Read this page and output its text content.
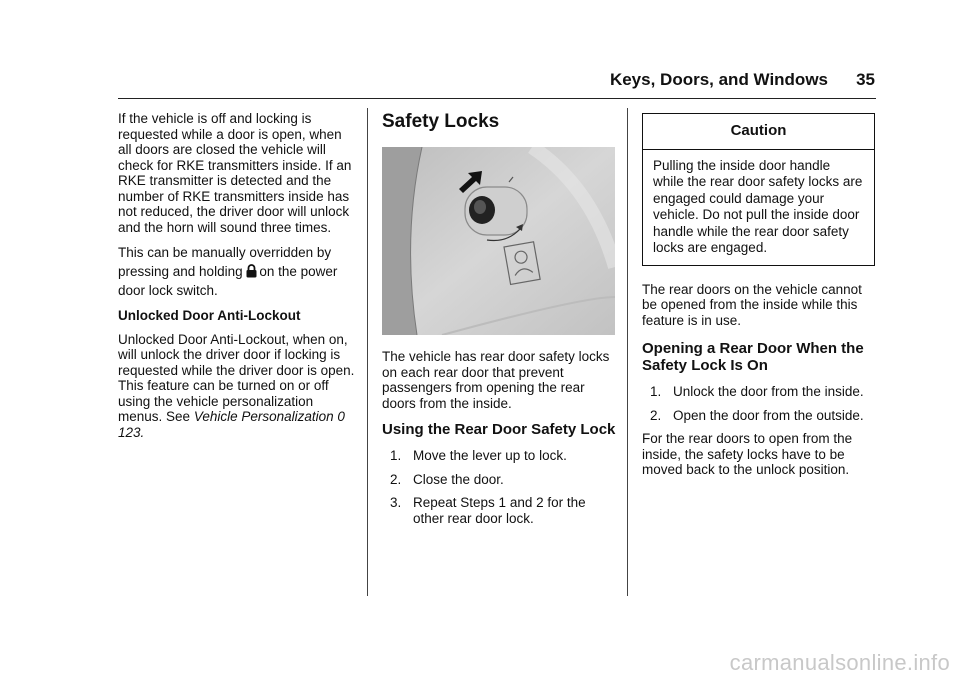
Keys, Doors, and Windows	35

If the vehicle is off and locking is requested while a door is open, when all doors are closed the vehicle will check for RKE transmitters inside. If an RKE transmitter is detected and the number of RKE transmitters inside has not reduced, the driver door will unlock and the horn will sound three times.

This can be manually overridden by pressing and holding on the power door lock switch.

Unlocked Door Anti-Lockout

Unlocked Door Anti-Lockout, when on, will unlock the driver door if locking is requested while the driver door is open. This feature can be turned on or off using the vehicle personalization menus. See Vehicle Personalization 0 123.

Safety Locks

The vehicle has rear door safety locks on each rear door that prevent passengers from opening the rear doors from the inside.

Using the Rear Door Safety Lock
1. Move the lever up to lock.
2. Close the door.
3. Repeat Steps 1 and 2 for the other rear door lock.
Caution
Pulling the inside door handle while the rear door safety locks are engaged could damage your vehicle. Do not pull the inside door handle while the rear door safety locks are engaged.

The rear doors on the vehicle cannot be opened from the inside while this feature is in use.

Opening a Rear Door When the Safety Lock Is On
1. Unlock the door from the inside.
2. Open the door from the outside.

For the rear doors to open from the inside, the safety locks have to be moved back to the unlock position.

carmanualsonline.info
